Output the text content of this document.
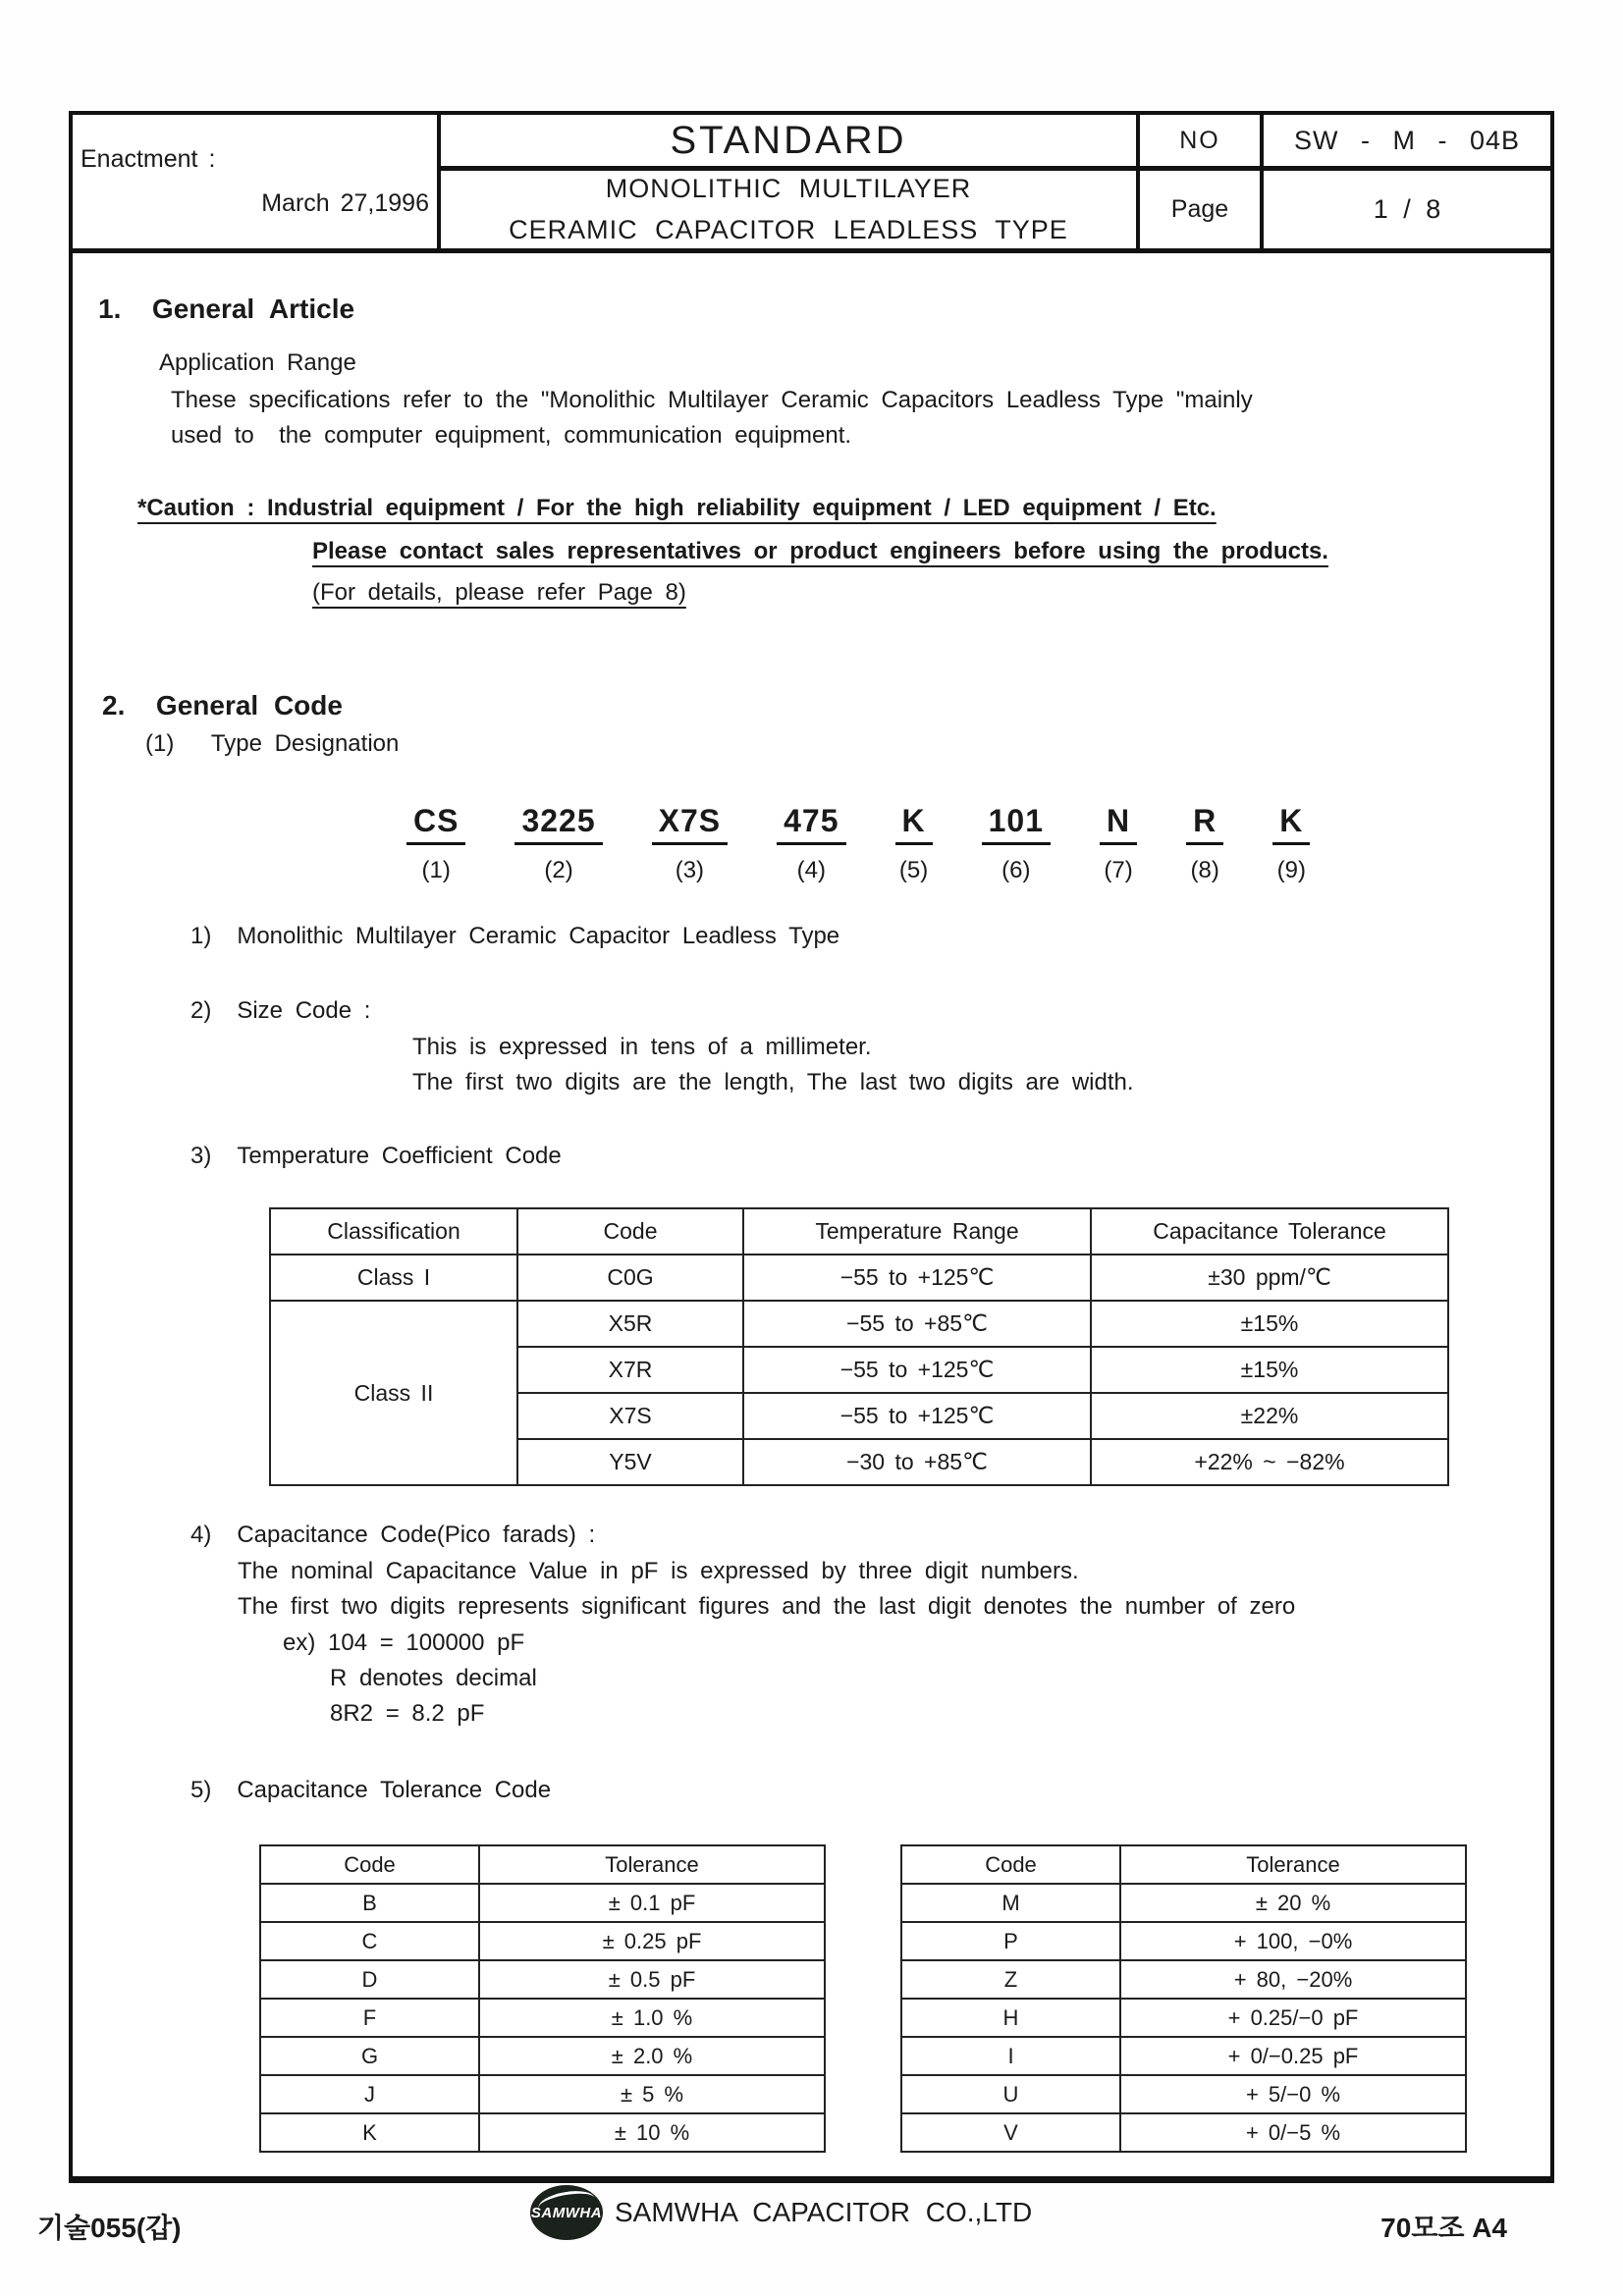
Enactment :
March 27,1996
STANDARD	NO	SW - M - 04B
MONOLITHIC MULTILAYER
CERAMIC CAPACITOR LEADLESS TYPE
Page	1 / 8
1.  General Article
Application Range
These specifications refer to the "Monolithic Multilayer Ceramic Capacitors Leadless Type "mainly
used to  the computer equipment, communication equipment.
*Caution : Industrial equipment / For the high reliability equipment / LED equipment / Etc.
Please contact sales representatives or product engineers before using the products.
(For details, please refer Page 8)
2.  General Code
(1)   Type Designation
CS
(1)
3225
(2)
X7S
(3)
475
(4)
K
(5)
101
(6)
N
(7)
R
(8)
K
(9)
1) Monolithic Multilayer Ceramic Capacitor Leadless Type
2) Size Code :
This is expressed in tens of a millimeter.
The first two digits are the length, The last two digits are width.
3) Temperature Coefficient Code
Classification	Code	Temperature Range	Capacitance Tolerance
Class I	C0G	−55 to +125℃	±30 ppm/℃
Class II	X5R	−55 to +85℃	±15%
	X7R	−55 to +125℃	±15%
	X7S	−55 to +125℃	±22%
	Y5V	−30 to +85℃	+22% ~ −82%
4) Capacitance Code(Pico farads) :
The nominal Capacitance Value in pF is expressed by three digit numbers.
The first two digits represents significant figures and the last digit denotes the number of zero
ex) 104 = 100000 pF
R denotes decimal
8R2 = 8.2 pF
5) Capacitance Tolerance Code
Code	Tolerance
B	± 0.1 pF
C	± 0.25 pF
D	± 0.5 pF
F	± 1.0 %
G	± 2.0 %
J	± 5 %
K	± 10 %
Code	Tolerance
M	± 20 %
P	+ 100, −0%
Z	+ 80, −20%
H	+ 0.25/−0 pF
I	+ 0/−0.25 pF
U	+ 5/−0 %
V	+ 0/−5 %
기술055(갑)	SAMWHA SAMWHA CAPACITOR CO.,LTD
70모조 A4
